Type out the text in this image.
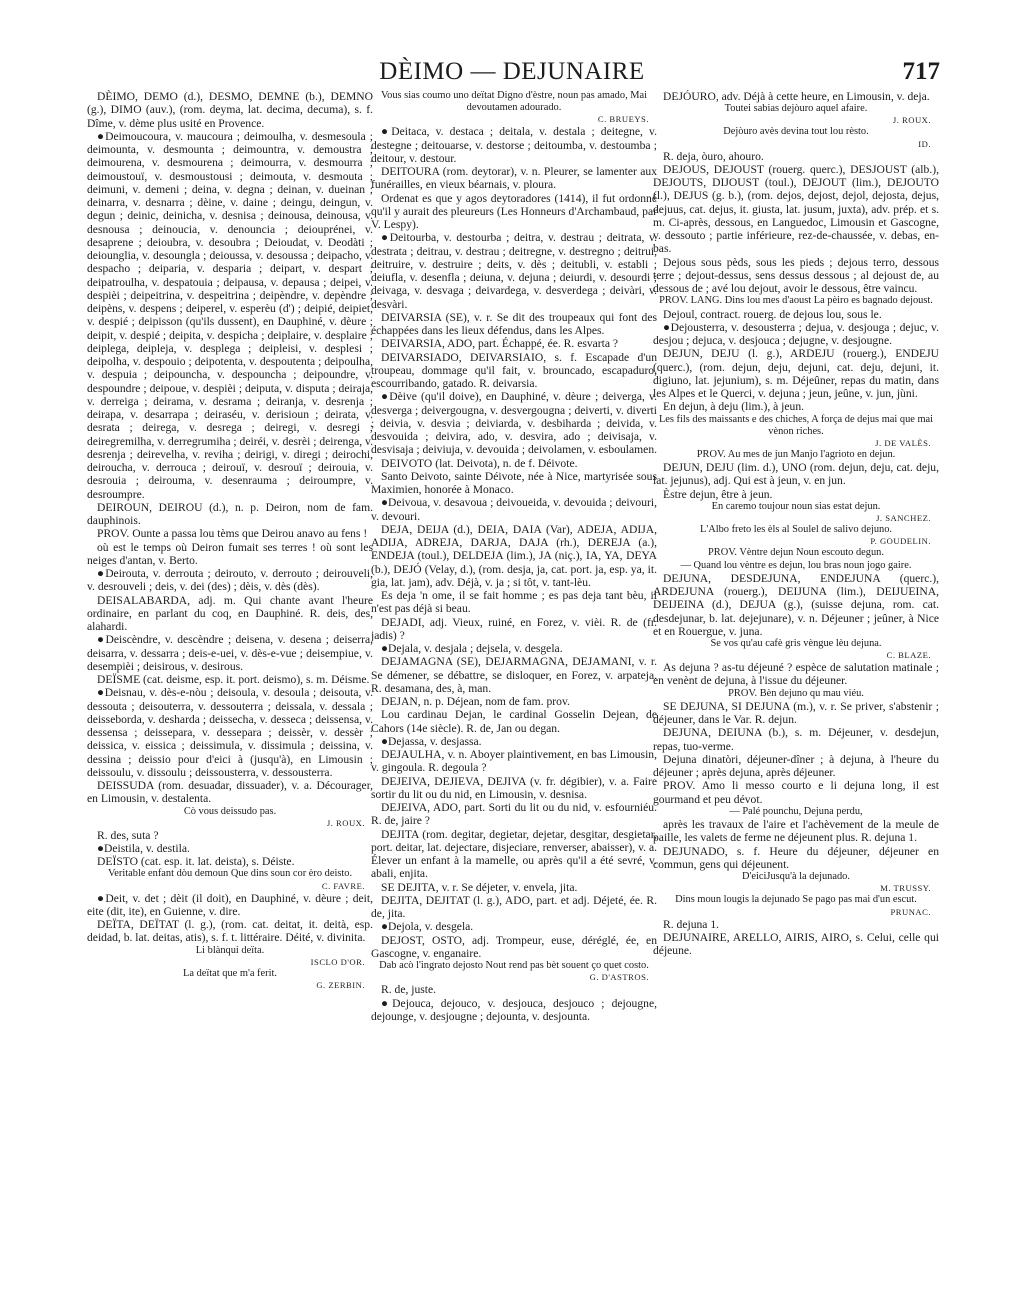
DÈIMO — DEJUNAIRE	717

DÈIMO, DEMO (d.), DESMO, DEMNE (b.), DEMNO (g.), DIMO (auv.), (rom. deyma, lat. decima, decuma), s. f. Dîme, v. dème plus usité en Provence.

●Deimoucoura, v. maucoura ; deimoulha, v. desmesoula ; deimounta, v. desmounta ; deimountra, v. demoustra ; deimourena, v. desmourena ; deimourra, v. desmourra ; deimoustouï, v. desmoustousi ; deimouta, v. desmouta ; deimuni, v. demeni ; deina, v. degna ; deinan, v. dueinan ; deinarra, v. desnarra ; dèine, v. daine ; deingu, deingun, v. degun ; deinic, deinicha, v. desnisa ; deinousa, deinousa, v. desnousa ; deinoucia, v. denouncia ; deiouprénei, v. desaprene ; deioubra, v. desoubra ; Deioudat, v. Deodàti ; deiounglia, v. desoungla ; deioussa, v. desoussa ; deipacho, v. despacho ; deiparia, v. desparia ; deipart, v. despart ; deipatroulha, v. despatouia ; deipausa, v. depausa ; deipei, v. despièi ; deipeitrina, v. despeitrina ; deipèndre, v. depèndre ; deipèns, v. despens ; deiperel, v. esperèu (d') ; deipié, deipiet, v. despié ; deipisson (qu'ils dussent), en Dauphiné, v. dèure ; deipit, v. despié ; deipita, v. despicha ; deiplaire, v. desplaire ; deiplega, deipleja, v. desplega ; deipleisi, v. desplesi ; deipolha, v. despouio ; deipotenta, v. despoutenta ; deipoulha, v. despuia ; deipouncha, v. despouncha ; deipoundre, v. despoundre ; deipoue, v. despièi ; deiputa, v. disputa ; deiraja, v. derreiga ; deirama, v. desrama ; deiranja, v. desrenja ; deirapa, v. desarrapa ; deiraséu, v. derisioun ; deirata, v. desrata ; deirega, v. desrega ; deiregi, v. desregi ; deiregremilha, v. derregrumiha ; deiréi, v. desrèi ; deirenga, v. desrenja ; deirevelha, v. reviha ; deirigi, v. diregi ; deirochi, deiroucha, v. derrouca ; deirouï, v. desrouï ; deirouia, v. desrouia ; deirouma, v. desenrauma ; deiroumpre, v. desroumpre.

DEIROUN, DEIROU (d.), n. p. Deiron, nom de fam. dauphinois.

PROV. Ounte a passa lou tèms que Deirou anavo au fens !

où est le temps où Deiron fumait ses terres ! où sont les neiges d'antan, v. Berto.

●Deirouta, v. derrouta ; deirouto, v. derrouto ; deirouveli, v. desrouveli ; deis, v. dei (des) ; dèis, v. dès (dès).

DEISALABARDA, adj. m. Qui chante avant l'heure ordinaire, en parlant du coq, en Dauphiné. R. deis, des, alahardi.

●Deiscèndre, v. descèndre ; deisena, v. desena ; deiserra, deisarra, v. dessarra ; deis-e-uei, v. dès-e-vue ; deisempiue, v. desempièi ; deisirous, v. desirous.

DEÏSME (cat. deisme, esp. it. port. deismo), s. m. Déisme.

●Deisnau, v. dès-e-nòu ; deisoula, v. desoula ; deisouta, v. dessouta ; deisouterra, v. dessouterra ; deissala, v. dessala ; deisseborda, v. desharda ; deissecha, v. desseca ; deissensa, v. dessensa ; deissepara, v. dessepara ; deissèr, v. dessèr ; deissica, v. eissica ; deissimula, v. dissimula ; deissina, v. dessina ; deissio pour d'eici à (jusqu'à), en Limousin ; deissoulu, v. dissoulu ; deissousterra, v. dessousterra.

DEISSUDA (rom. desuadar, dissuader), v. a. Décourager, en Limousin, v. destalenta.

Cò vous deissudo pas.

J. ROUX.

R. des, suta ?

●Deistila, v. destila.

DEÏSTO (cat. esp. it. lat. deista), s. Déiste.

Veritable enfant dòu demoun Que dins soun cor èro deisto.

C. FAVRE.

●Deit, v. det ; dèit (il doit), en Dauphiné, v. dèure ; deit, eite (dit, ite), en Guienne, v. dire.

DEÏTA, DEÏTAT (l. g.), (rom. cat. deitat, it. deità, esp. deidad, b. lat. deitas, atis), s. f. t. littéraire. Déité, v. divinita.

Li blànqui deïta.

ISCLO D'OR.

La deïtat que m'a ferit.

G. ZERBIN.

Vous sias coumo uno deïtat Digno d'èstre, noun pas amado, Mai devoutamen adourado.

C. BRUEYS.

●Deitaca, v. destaca ; deitala, v. destala ; deitegne, v. destegne ; deitouarse, v. destorse ; deitoumba, v. destoumba ; deitour, v. destour.

DEITOURA (rom. deytorar), v. n. Pleurer, se lamenter aux funérailles, en vieux béarnais, v. ploura.

Ordenat es que y agos deytoradores (1414), il fut ordonné qu'il y aurait des pleureurs (Les Honneurs d'Archambaud, par V. Lespy).

●Deitourba, v. destourba ; deitra, v. destrau ; deitrata, v. destrata ; deitrau, v. destrau ; deitregne, v. destregno ; deitrui, deitruire, v. destruire ; deits, v. dès ; deitubli, v. establi ; deiufla, v. desenfla ; deiuna, v. dejuna ; deiurdi, v. desourdi ; deivaga, v. desvaga ; deivardega, v. desverdega ; deivàri, v. desvàri.

DEIVARSIA (SE), v. r. Se dit des troupeaux qui font des échappées dans les lieux défendus, dans les Alpes.

DEIVARSIA, ADO, part. Échappé, ée. R. esvarta ?

DEIVARSIADO, DEIVARSIAIO, s. f. Escapade d'un troupeau, dommage qu'il fait, v. brouncado, escapaduro, escourribando, gatado. R. deivarsia.

●Dèive (qu'il doive), en Dauphiné, v. dèure ; deiverga, v. desverga ; deivergougna, v. desvergougna ; deiverti, v. diverti ; deivia, v. desvia ; deiviarda, v. desbiharda ; deivida, v. desvouida ; deivira, ado, v. desvira, ado ; deivisaja, v. desvisaja ; deiviuja, v. devouida ; deivolamen, v. esboulamen.

DEIVOTO (lat. Deivota), n. de f. Déivote.

Santo Deivoto, sainte Déivote, née à Nice, martyrisée sous Maximien, honorée à Monaco.

●Deivoua, v. desavoua ; deivoueida, v. devouida ; deivouri, v. devouri.

DEJA, DEIJA (d.), DEIA, DAIA (Var), ADEJA, ADIJA, ADIJA, ADREJA, DARJA, DAJA (rh.), DEREJA (a.), ENDEJA (toul.), DELDEJA (lim.), JA (niç.), IA, YA, DEYA (b.), DEJÓ (Velay, d.), (rom. desja, ja, cat. port. ja, esp. ya, it. gia, lat. jam), adv. Déjà, v. ja ; si tôt, v. tant-lèu.

Es deja 'n ome, il se fait homme ; es pas deja tant bèu, il n'est pas déjà si beau.

DEJADI, adj. Vieux, ruiné, en Forez, v. vièi. R. de (fr. jadis) ?

●Dejala, v. desjala ; dejsela, v. desgela.

DEJAMAGNA (SE), DEJARMAGNA, DEJAMANI, v. r. Se démener, se débattre, se disloquer, en Forez, v. arpateja. R. desamana, des, à, man.

DEJAN, n. p. Déjean, nom de fam. prov.

Lou cardinau Dejan, le cardinal Gosselin Dejean, de Cahors (14e siècle). R. de, Jan ou degan.

●Dejassa, v. desjassa.

DEJAULHA, v. n. Aboyer plaintivement, en bas Limousin, v. gingoula. R. degoula ?

DEJEIVA, DEJIEVA, DEJIVA (v. fr. dégibier), v. a. Faire sortir du lit ou du nid, en Limousin, v. desnisa.

DEJEIVA, ADO, part. Sorti du lit ou du nid, v. esfourniéu. R. de, jaire ?

DEJITA (rom. degitar, degietar, dejetar, desgitar, desgietar, port. deitar, lat. dejectare, disjeciare, renverser, abaisser), v. a. Élever un enfant à la mamelle, ou après qu'il a été sevré, v. abali, enjita.

SE DEJITA, v. r. Se déjeter, v. envela, jita.

DEJITA, DEJITAT (l. g.), ADO, part. et adj. Déjeté, ée. R. de, jita.

●Dejola, v. desgela.

DEJOST, OSTO, adj. Trompeur, euse, déréglé, ée, en Gascogne, v. enganaire.

Dab acò l'ingrato dejosto Nout rend pas bèt souent ço quet costo.

G. D'ASTROS.

R. de, juste.

●Dejouca, dejouco, v. desjouca, desjouco ; dejougne, dejounge, v. desjougne ; dejounta, v. desjounta.

DEJÓURO, adv. Déjà à cette heure, en Limousin, v. deja.

Toutei sabias dejòuro aquel afaire.

J. ROUX.

Dejòuro avès devina tout lou rèsto.

ID.

R. deja, òuro, ahouro.

DEJOUS, DEJOUST (rouerg. querc.), DESJOUST (alb.), DEJOUTS, DIJOUST (toul.), DEJOUT (lim.), DEJOUTO (l.), DEJUS (g. b.), (rom. dejos, dejost, dejol, dejosta, dejus, dejuus, cat. dejus, it. giusta, lat. jusum, juxta), adv. prép. et s. m. Ci-après, dessous, en Languedoc, Limousin et Gascogne, v. dessouto ; partie inférieure, rez-de-chaussée, v. debas, en-bas.

Dejous sous pèds, sous les pieds ; dejous terro, dessous terre ; dejout-dessus, sens dessus dessous ; al dejoust de, au dessous de ; avé lou dejout, avoir le dessous, être vaincu.

PROV. LANG. Dins lou mes d'aoust La pèiro es bagnado dejoust.

Dejoul, contract. rouerg. de dejous lou, sous le.

●Dejousterra, v. desousterra ; dejua, v. desjouga ; dejuc, v. desjou ; dejuca, v. desjouca ; dejugne, v. desjougne.

DEJUN, DEJU (l. g.), ARDEJU (rouerg.), ENDEJU (querc.), (rom. dejun, deju, dejuni, cat. deju, dejuni, it. digiuno, lat. jejunium), s. m. Déjeûner, repas du matin, dans les Alpes et le Querci, v. dejuna ; jeun, jeûne, v. jun, jùni.

En dejun, à deju (lim.), à jeun.

Les fils des maissants e des chiches, A força de dejus mai que mai vènon riches.

J. DE VALÈS.

PROV. Au mes de jun Manjo l'agrioto en dejun.

DEJUN, DEJU (lim. d.), UNO (rom. dejun, deju, cat. deju, lat. jejunus), adj. Qui est à jeun, v. en jun.

Èstre dejun, être à jeun.

En caremo toujour noun sias estat dejun.

J. SANCHEZ.

L'Albo freto les èls al Soulel de salivo dejuno.

P. GOUDELIN.

PROV. Vèntre dejun Noun escouto degun.

— Quand lou vèntre es dejun, lou bras noun jogo gaire.

DEJUNA, DESDEJUNA, ENDEJUNA (querc.), ARDEJUNA (rouerg.), DEIJUNA (lim.), DEIJUEINA, DEIJEINA (d.), DEJUA (g.), (suisse dejuna, rom. cat. desdejunar, b. lat. dejejunare), v. n. Déjeuner ; jeûner, à Nice et en Rouergue, v. juna.

Se vos qu'au cafè gris vèngue lèu dejuna.

C. BLAZE.

As dejuna ? as-tu déjeuné ? espèce de salutation matinale ; en venènt de dejuna, à l'issue du déjeuner.

PROV. Bèn dejuno qu mau viéu.

SE DEJUNA, SI DEJUNA (m.), v. r. Se priver, s'abstenir ; déjeuner, dans le Var. R. dejun.

DEJUNA, DEIUNA (b.), s. m. Déjeuner, v. desdejun, repas, tuo-verme.

Dejuna dinatòri, déjeuner-dîner ; à dejuna, à l'heure du déjeuner ; après dejuna, après déjeuner.

PROV. Amo li messo courto e li dejuna long, il est gourmand et peu dévot.

— Palé pounchu, Dejuna perdu,

après les travaux de l'aire et l'achèvement de la meule de paille, les valets de ferme ne déjeunent plus. R. dejuna 1.

DEJUNADO, s. f. Heure du déjeuner, déjeuner en commun, gens qui déjeunent.

D'eiciJusqu'à la dejunado.

M. TRUSSY.

Dins moun lougis la dejunado Se pago pas mai d'un escut.

PRUNAC.

R. dejuna 1.

DEJUNAIRE, ARELLO, AIRIS, AIRO, s. Celui, celle qui déjeune.
